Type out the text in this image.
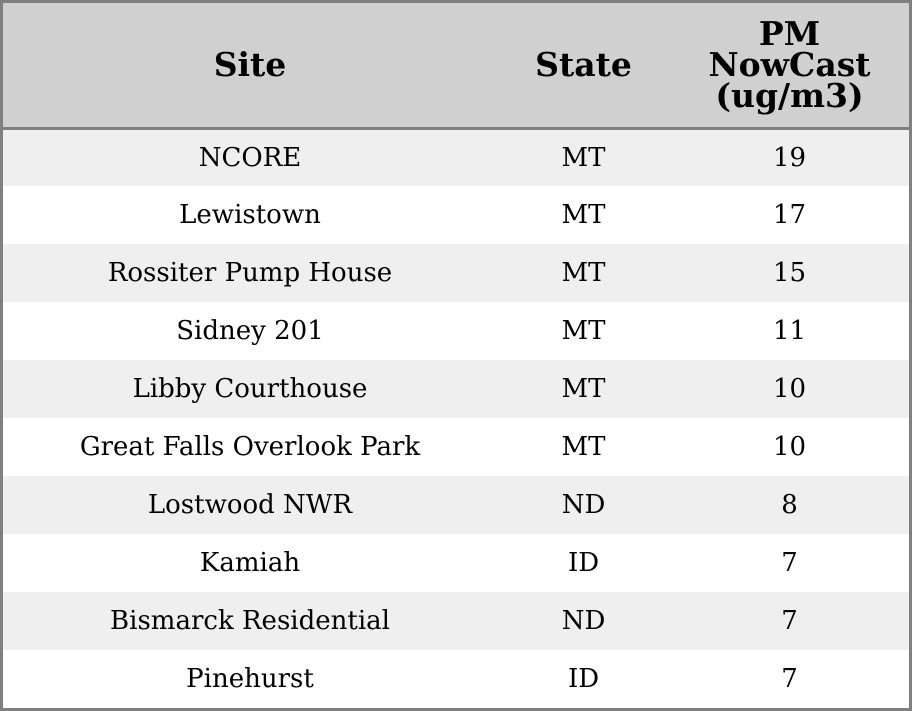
Site	State	PM
NowCast
(ug/m3)

NCORE	MT	19
Lewistown	MT	17
Rossiter Pump House	MT	15
Sidney 201	MT	11
Libby Courthouse	MT	10
Great Falls Overlook Park	MT	10
Lostwood NWR	ND	8
Kamiah	ID	7
Bismarck Residential	ND	7
Pinehurst	ID	7
